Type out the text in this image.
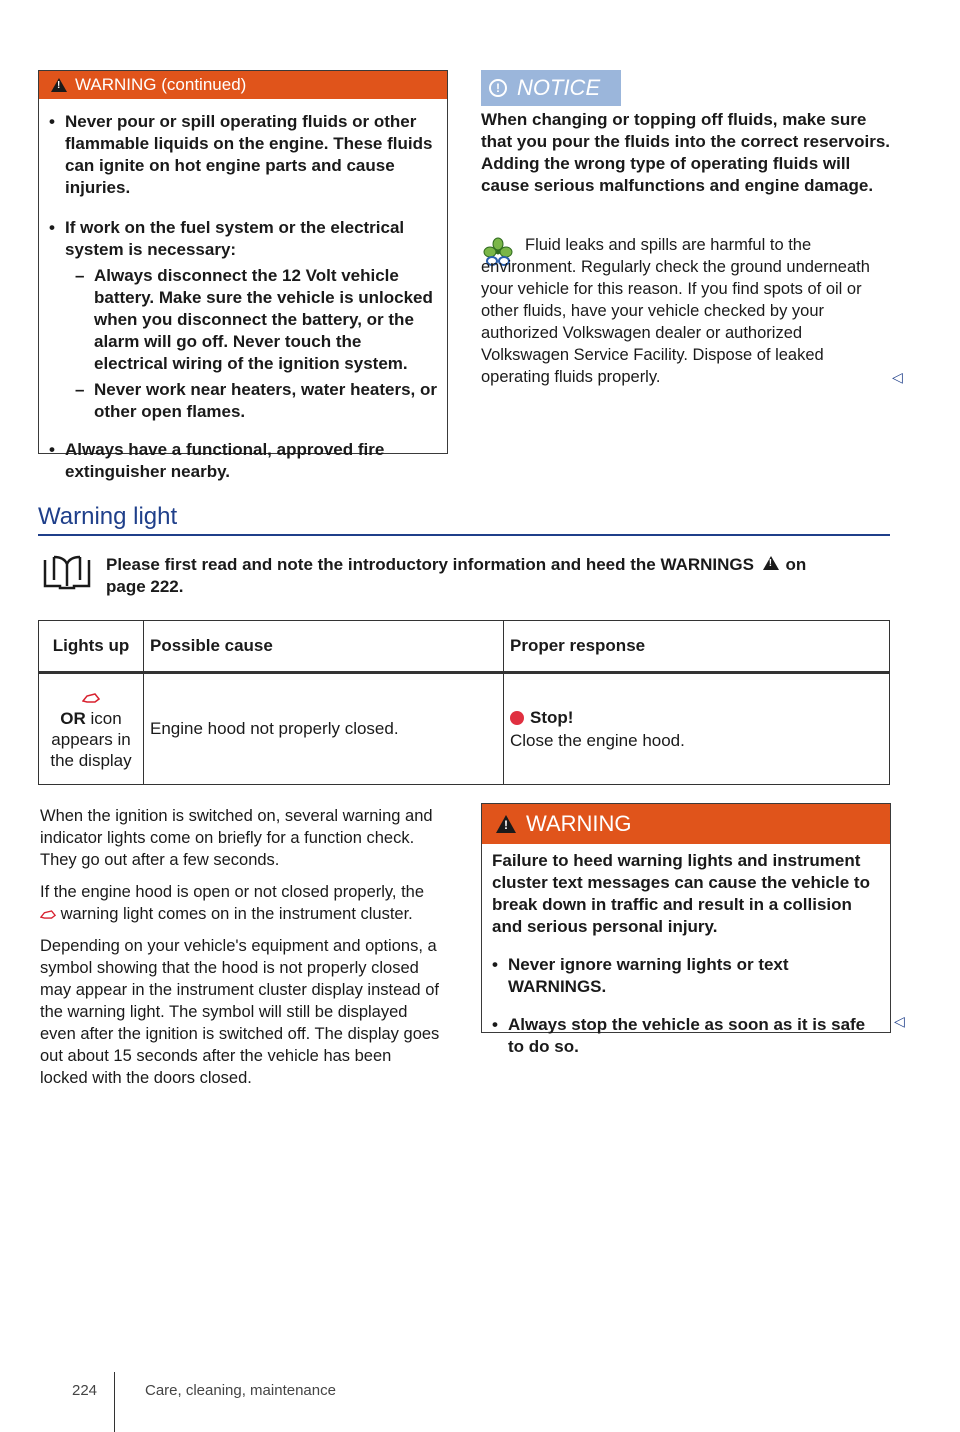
!
WARNING (continued)
• Never pour or spill operating fluids or other flammable liquids on the engine. These fluids can ignite on hot engine parts and cause injuries.
• If work on the fuel system or the electrical system is necessary:
– Always disconnect the 12 Volt vehicle battery. Make sure the vehicle is unlocked when you disconnect the battery, or the alarm will go off. Never touch the electrical wiring of the ignition system.
– Never work near heaters, water heaters, or other open flames.
• Always have a functional, approved fire extinguisher nearby.
! NOTICE
When changing or topping off fluids, make sure that you pour the fluids into the correct reservoirs. Adding the wrong type of operating fluids will cause serious malfunctions and engine damage.
Fluid leaks and spills are harmful to the environment. Regularly check the ground underneath your vehicle for this reason. If you find spots of oil or other fluids, have your vehicle checked by your authorized Volkswagen dealer or authorized Volkswagen Service Facility. Dispose of leaked operating fluids properly.	◁
Warning light
Please first read and note the introductory information and heed the WARNINGS ! on
page 222.
Lights up	Possible cause	Proper response

OR icon appears in the display	Engine hood not properly closed.	Stop!
Close the engine hood.

When the ignition is switched on, several warning and indicator lights come on briefly for a function check. They go out after a few seconds.

If the engine hood is open or not closed properly, the  warning light comes on in the instrument cluster.

Depending on your vehicle's equipment and options, a symbol showing that the hood is not properly closed may appear in the instrument cluster display instead of the warning light. The symbol will still be displayed even after the ignition is switched off. The display goes out about 15 seconds after the vehicle has been locked with the doors closed.

!
WARNING
Failure to heed warning lights and instrument cluster text messages can cause the vehicle to break down in traffic and result in a collision and serious personal injury.
• Never ignore warning lights or text WARNINGS.
• Always stop the vehicle as soon as it is safe to do so.
◁
224	Care, cleaning, maintenance
